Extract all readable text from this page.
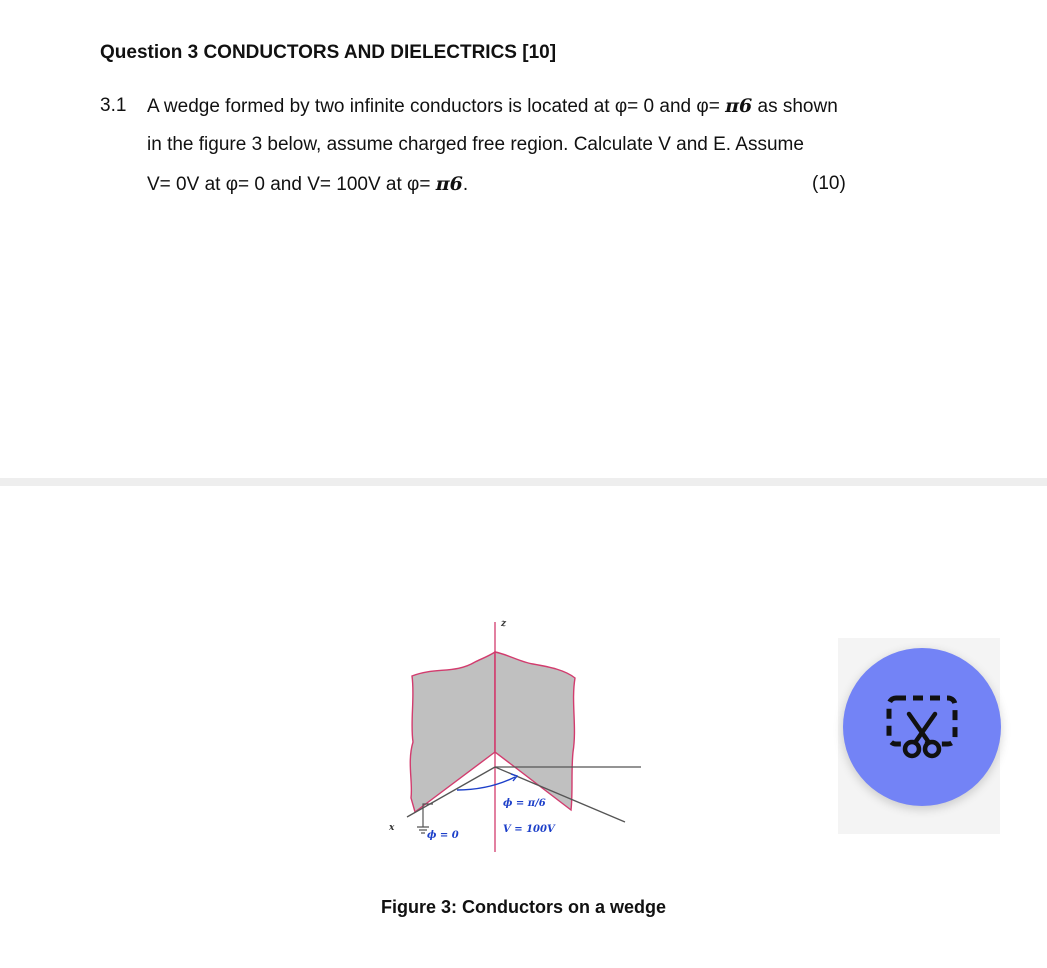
Question 3 CONDUCTORS AND DIELECTRICS [10]
3.1 A wedge formed by two infinite conductors is located at φ= 0 and φ= π6 as shown
in the figure 3 below, assume charged free region. Calculate V and E. Assume
V= 0V at φ= 0 and V= 100V at φ= π6.	(10)
z
x
ϕ = 0
ϕ = π/6
V = 100V
Figure 3: Conductors on a wedge
